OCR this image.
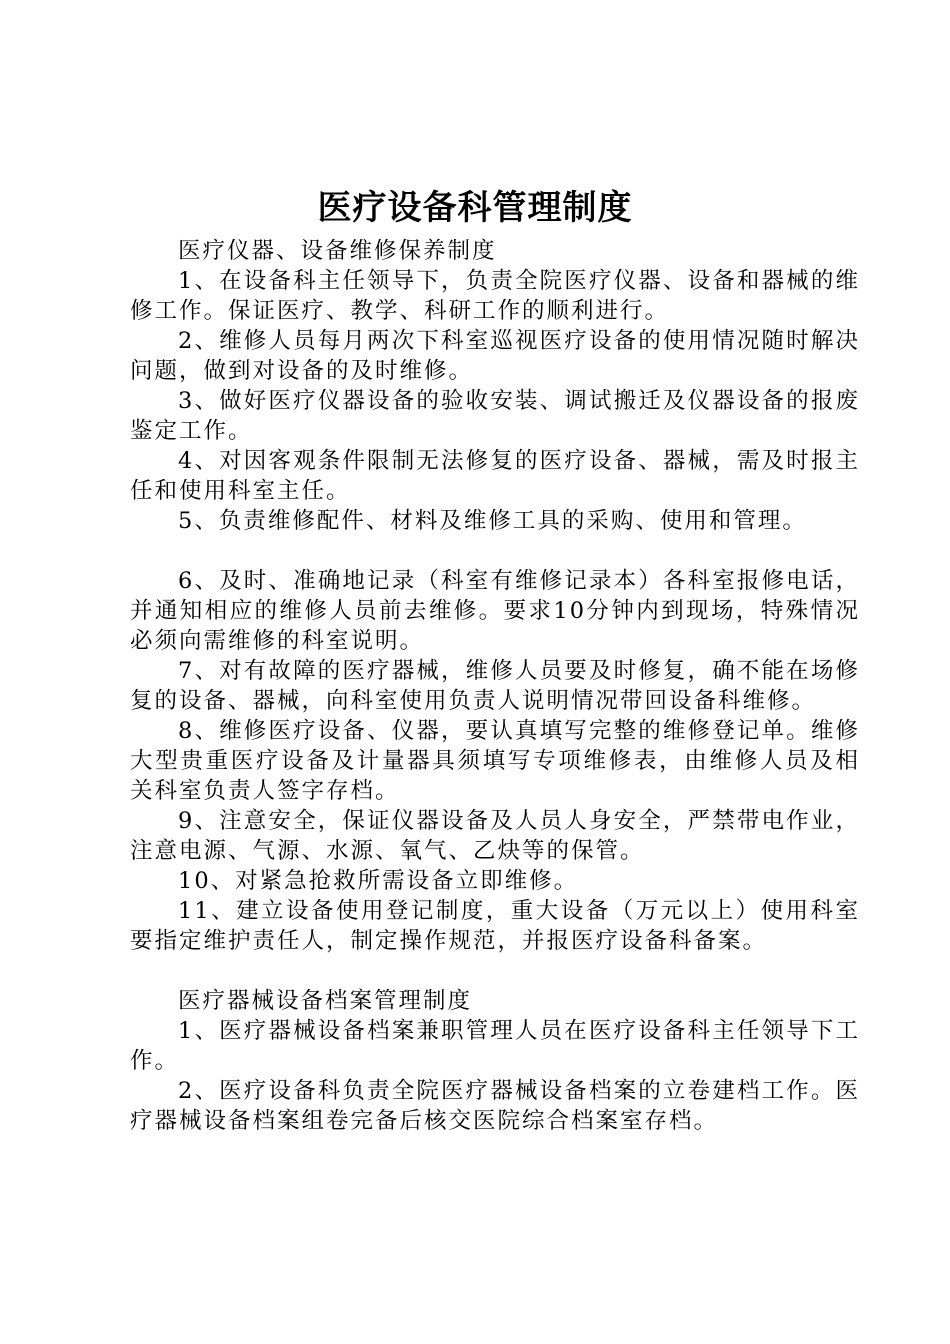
医疗设备科管理制度

医疗仪器、设备维修保养制度

1、在设备科主任领导下，负责全院医疗仪器、设备和器械的维修工作。保证医疗、教学、科研工作的顺利进行。

2、维修人员每月两次下科室巡视医疗设备的使用情况随时解决问题，做到对设备的及时维修。

3、做好医疗仪器设备的验收安装、调试搬迁及仪器设备的报废鉴定工作。

4、对因客观条件限制无法修复的医疗设备、器械，需及时报主任和使用科室主任。

5、负责维修配件、材料及维修工具的采购、使用和管理。

6、及时、准确地记录（科室有维修记录本）各科室报修电话，并通知相应的维修人员前去维修。要求10分钟内到现场，特殊情况必须向需维修的科室说明。

7、对有故障的医疗器械，维修人员要及时修复，确不能在场修复的设备、器械，向科室使用负责人说明情况带回设备科维修。

8、维修医疗设备、仪器，要认真填写完整的维修登记单。维修大型贵重医疗设备及计量器具须填写专项维修表，由维修人员及相关科室负责人签字存档。

9、注意安全，保证仪器设备及人员人身安全，严禁带电作业，注意电源、气源、水源、氧气、乙炔等的保管。

10、对紧急抢救所需设备立即维修。

11、建立设备使用登记制度，重大设备（万元以上）使用科室要指定维护责任人，制定操作规范，并报医疗设备科备案。

医疗器械设备档案管理制度

1、医疗器械设备档案兼职管理人员在医疗设备科主任领导下工作。

2、医疗设备科负责全院医疗器械设备档案的立卷建档工作。医疗器械设备档案组卷完备后核交医院综合档案室存档。
